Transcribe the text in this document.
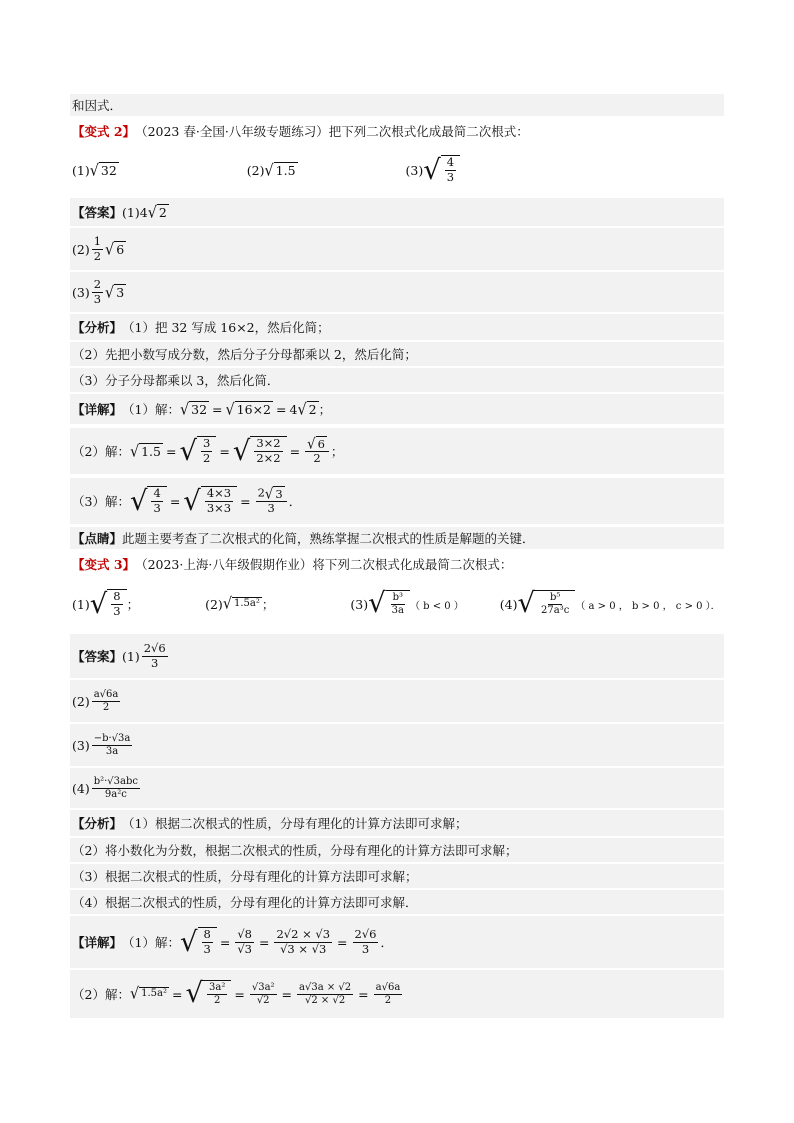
和因式．
【变式 2】 （2023 春·全国·八年级专题练习） 把下列二次根式化成最简二次根式：
(1) √ 32	(2) √ 1.5	(3) √ $\frac{4}{3}$
【答案】 (1) 4 √ 2
$(2) \frac{1}{2}$ √ 6
$(3) \frac{2}{3}$ √ 3
【分析】 （1）把 32 写成 16×2，然后化简；
（2）先把小数写成分数，然后分子分母都乘以 2，然后化简；
（3）分子分母都乘以 3，然后化简．
【详解】 （1）解： √ 32 = √ 16×2 = 4 √ 2 ；
（2）解： √ 1.5 = √ $\frac{3}{2}$ = √ $\frac{3\times 2}{2\times 2} = \frac{√ 6}{2}$ ；
（3）解： √ $\frac{4}{3}$ = √ $\frac{4\times 3}{3\times 3} = \frac{2 √ 3}{3}$ ．
【点睛】 此题主要考查了二次根式的化简，熟练掌握二次根式的性质是解题的关键．
【变式 3】 （2023·上海·八年级假期作业） 将下列二次根式化成最简二次根式：
(1) √ $\frac{8}{3}$ ；	(2) √ 1.5a² ；	(3) √ $\frac{\text{b³}}{3a}$ （ b < 0 ）	(4) √ $\frac{\text{b⁵}}{\text{27a³c}}$ （ a > 0 ， b > 0 ， c > 0 ）．
【答案】 $(1) \frac{2√6}{3}$
$(2) \frac{a√6a}{2}$
$(3) \frac{-b\cdot√3a}{3a}$
$(4) \frac{\text{b²·√3abc}}{\text{9a²c}}$
【分析】 （1）根据二次根式的性质，分母有理化的计算方法即可求解；
（2）将小数化为分数，根据二次根式的性质，分母有理化的计算方法即可求解；
（3）根据二次根式的性质，分母有理化的计算方法即可求解；
（4）根据二次根式的性质，分母有理化的计算方法即可求解．
【详解】 （1）解： √ $\frac{8}{3} = \frac{√8}{√3} = \frac{2√2 \times √3}{√3 \times √3} = \frac{2√6}{3}$ ．
（2）解： √ 1.5a² = √ $\frac{\text{3a²}}{2} = \frac{\text{√3a²}}{√2} = \frac{a√3a \times √2}{√2 \times √2} = \frac{a√6a}{2}$
